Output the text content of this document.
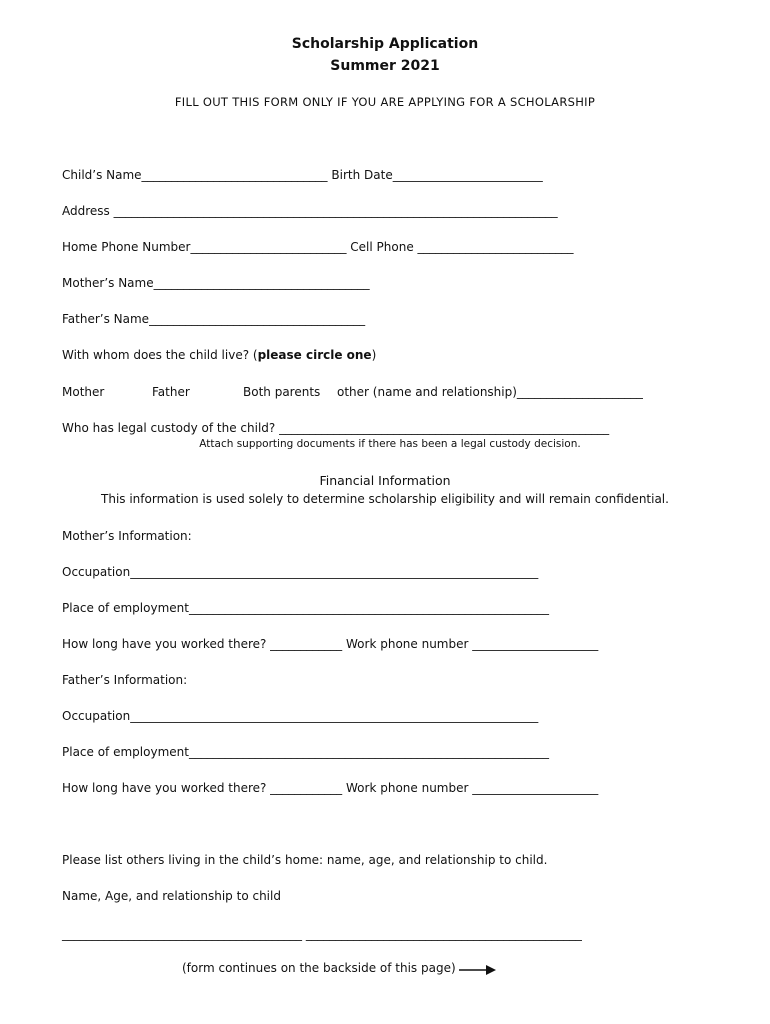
Scholarship Application
Summer 2021
FILL OUT THIS FORM ONLY IF YOU ARE APPLYING FOR A SCHOLARSHIP
Child’s Name_______________________________ Birth Date_________________________
Address __________________________________________________________________________
Home Phone Number__________________________ Cell Phone __________________________
Mother’s Name____________________________________
Father’s Name____________________________________
With whom does the child live? (please circle one)
Mother	Father	Both parents other (name and relationship)_____________________
Who has legal custody of the child? _______________________________________________________
Attach supporting documents if there has been a legal custody decision.
Financial Information
This information is used solely to determine scholarship eligibility and will remain confidential.
Mother’s Information:
Occupation____________________________________________________________________
Place of employment____________________________________________________________
How long have you worked there? ____________ Work phone number _____________________
Father’s Information:
Occupation____________________________________________________________________
Place of employment____________________________________________________________
How long have you worked there? ____________ Work phone number _____________________
Please list others living in the child’s home: name, age, and relationship to child.
Name, Age, and relationship to child
________________________________________ ______________________________________________
(form continues on the backside of this page)
